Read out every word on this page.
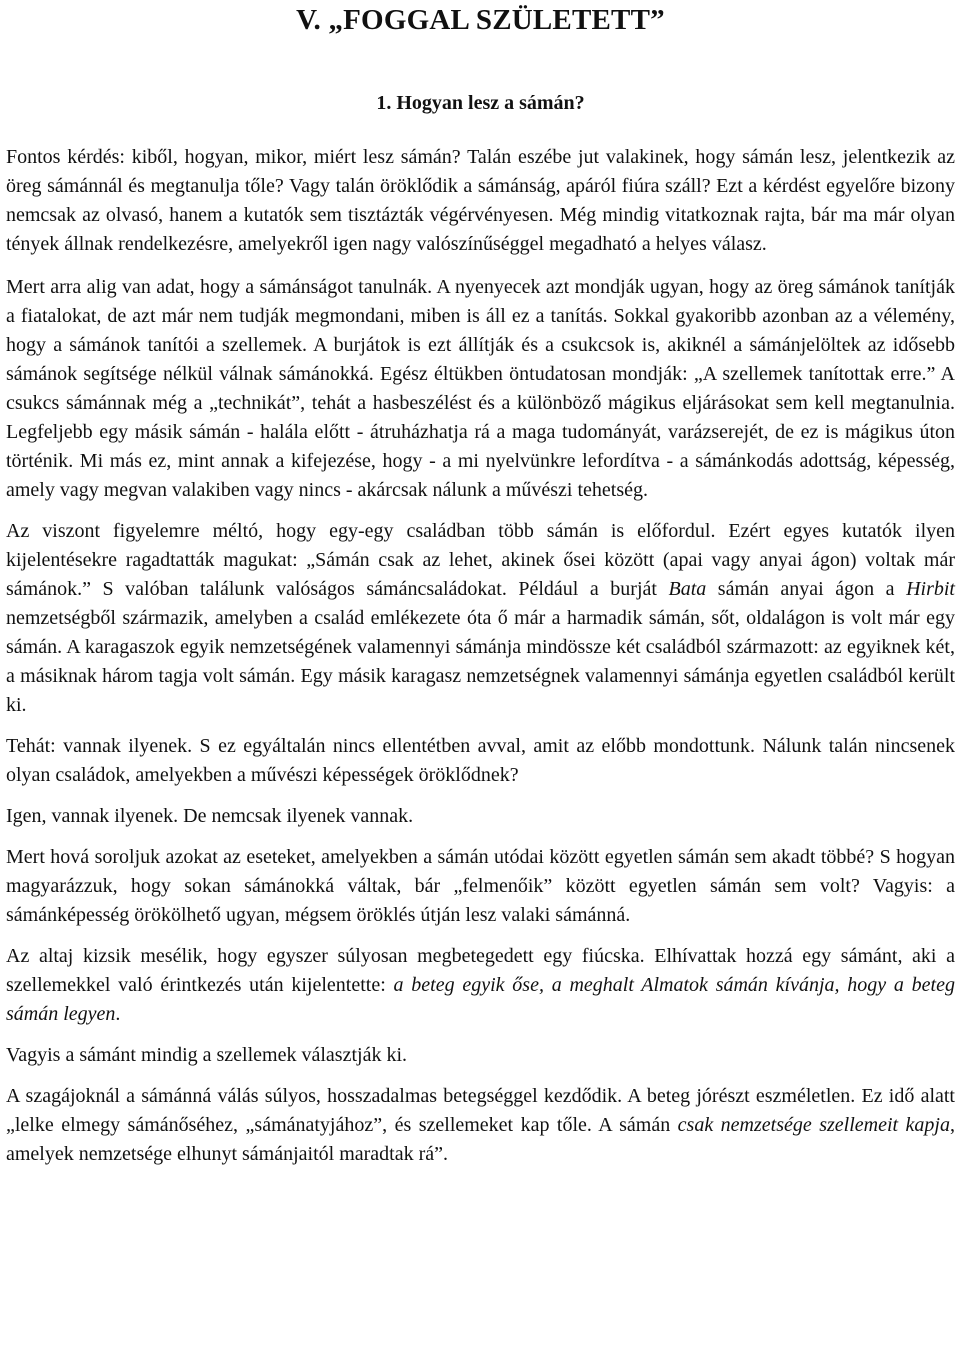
V. „FOGGAL SZÜLETETT”
1. Hogyan lesz a sámán?

Fontos kérdés: kiből, hogyan, mikor, miért lesz sámán? Talán eszébe jut valakinek, hogy sámán lesz, jelentkezik az öreg sámánnál és megtanulja tőle? Vagy talán öröklődik a sámánság, apáról fiúra száll? Ezt a kérdést egyelőre bizony nemcsak az olvasó, hanem a kutatók sem tisztázták végérvényesen. Még mindig vitatkoznak rajta, bár ma már olyan tények állnak rendelkezésre, amelyekről igen nagy valószínűséggel megadható a helyes válasz.

Mert arra alig van adat, hogy a sámánságot tanulnák. A nyenyecek azt mondják ugyan, hogy az öreg sámánok tanítják a fiatalokat, de azt már nem tudják megmondani, miben is áll ez a tanítás. Sokkal gyakoribb azonban az a vélemény, hogy a sámánok tanítói a szellemek. A burjátok is ezt állítják és a csukcsok is, akiknél a sámánjelöltek az idősebb sámánok segítsége nélkül válnak sámánokká. Egész éltükben öntudatosan mondják: „A szellemek tanítottak erre.” A csukcs sámánnak még a „technikát”, tehát a hasbeszélést és a különböző mágikus eljárásokat sem kell megtanulnia. Legfeljebb egy másik sámán - halála előtt - átruházhatja rá a maga tudományát, varázserejét, de ez is mágikus úton történik. Mi más ez, mint annak a kifejezése, hogy - a mi nyelvünkre lefordítva - a sámánkodás adottság, képesség, amely vagy megvan valakiben vagy nincs - akárcsak nálunk a művészi tehetség.

Az viszont figyelemre méltó, hogy egy-egy családban több sámán is előfordul. Ezért egyes kutatók ilyen kijelentésekre ragadtatták magukat: „Sámán csak az lehet, akinek ősei között (apai vagy anyai ágon) voltak már sámánok.” S valóban találunk valóságos sámáncsaládokat. Például a burját Bata sámán anyai ágon a Hirbit nemzetségből származik, amelyben a család emlékezete óta ő már a harmadik sámán, sőt, oldalágon is volt már egy sámán. A karagaszok egyik nemzetségének valamennyi sámánja mindössze két családból származott: az egyiknek két, a másiknak három tagja volt sámán. Egy másik karagasz nemzetségnek valamennyi sámánja egyetlen családból került ki.

Tehát: vannak ilyenek. S ez egyáltalán nincs ellentétben avval, amit az előbb mondottunk. Nálunk talán nincsenek olyan családok, amelyekben a művészi képességek öröklődnek?

Igen, vannak ilyenek. De nemcsak ilyenek vannak.

Mert hová soroljuk azokat az eseteket, amelyekben a sámán utódai között egyetlen sámán sem akadt többé? S hogyan magyarázzuk, hogy sokan sámánokká váltak, bár „felmenőik” között egyetlen sámán sem volt? Vagyis: a sámánképesség örökölhető ugyan, mégsem öröklés útján lesz valaki sámánná.

Az altaj kizsik mesélik, hogy egyszer súlyosan megbetegedett egy fiúcska. Elhívattak hozzá egy sámánt, aki a szellemekkel való érintkezés után kijelentette: a beteg egyik őse, a meghalt Almatok sámán kívánja, hogy a beteg sámán legyen.

Vagyis a sámánt mindig a szellemek választják ki.

A szagájoknál a sámánná válás súlyos, hosszadalmas betegséggel kezdődik. A beteg jórészt eszméletlen. Ez idő alatt „lelke elmegy sámánőséhez, „sámánatyjához”, és szellemeket kap tőle. A sámán csak nemzetsége szellemeit kapja, amelyek nemzetsége elhunyt sámánjaitól maradtak rá”.
